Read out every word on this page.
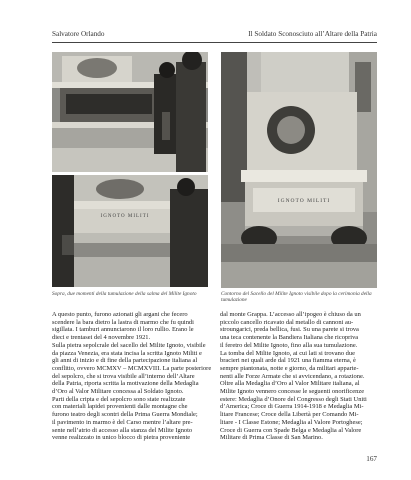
Salvatore Orlando	Il Soldato Sconosciuto all’Altare della Patria
IGNOTO MILITI
IGNOTO MILITI
Sopra, due momenti della tumulazione della salma del Milite Ignoto	Contorno del Sacello del Milite Ignoto visibile dopo la cerimonia della
tumulazione
A questo punto, furono azionati gli argani che fecero
scendere la bara dietro la lastra di marmo che fu quindi
sigillata. I tamburi annunciarono il loro rullio. Erano le
dieci e trentasei del 4 novembre 1921.
Sulla pietra sepolcrale del sacello del Milite Ignoto, visibile
da piazza Venezia, era stata incisa la scritta Ignoto Militi e
gli anni di inizio e di fine della partecipazione italiana al
conflitto, ovvero MCMXV – MCMXVIII. La parte posteriore
del sepolcro, che si trova visibile all’interno dell’Altare
della Patria, riporta scritta la motivazione della Medaglia
d’Oro al Valor Militare concessa al Soldato Ignoto.
Parti della cripta e del sepolcro sono state realizzate
con materiali lapidei provenienti dalle montagne che
furono teatro degli scontri della Prima Guerra Mondiale;
il pavimento in marmo è del Carso mentre l’altare pre-
sente nell’atrio di accesso alla stanza del Milite Ignoto
venne realizzato in unico blocco di pietra proveniente
dal monte Grappa. L’accesso all’ipogeo è chiuso da un
piccolo cancello ricavato dal metallo di cannoni au-
stroungarici, preda bellica, fusi. Su una parete si trova
una teca contenente la Bandiera Italiana che ricopriva
il feretro del Milite Ignoto, fino alla sua tumulazione.
La tomba del Milite Ignoto, ai cui lati si trovano due
bracieri nei quali arde dal 1921 una fiamma eterna, è
sempre piantonata, notte e giorno, da militari apparte-
nenti alle Forze Armate che si avvicendano, a rotazione.
Oltre alla Medaglia d’Oro al Valor Militare italiana, al
Milite Ignoto vennero concesse le seguenti onorificenze
estere: Medaglia d’Onore del Congresso degli Stati Uniti
d’America; Croce di Guerra 1914-1918 e Medaglia Mi-
litare Francese; Croce della Libertà per Comando Mi-
litare - I Classe Estone; Medaglia al Valore Portoghese;
Croce di Guerra con Spade Belga e Medaglia al Valore
Militare di Prima Classe di San Marino.
167
